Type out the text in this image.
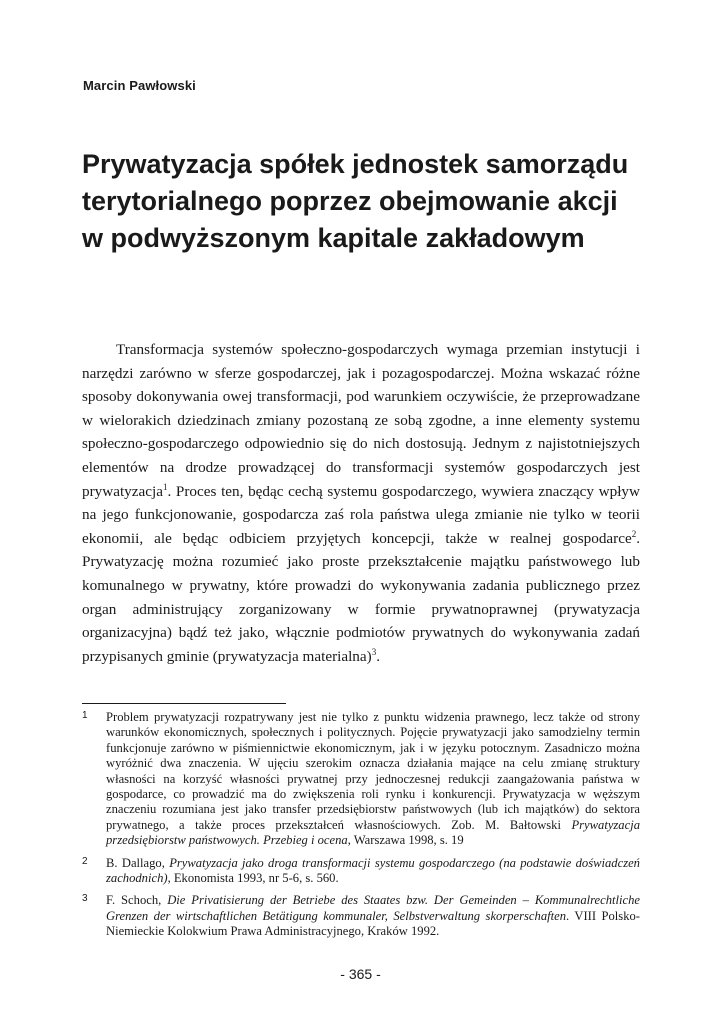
Marcin Pawłowski
Prywatyzacja spółek jednostek samorządu terytorialnego poprzez obejmowanie akcji w podwyższonym kapitale zakładowym

Transformacja systemów społeczno-gospodarczych wymaga przemian instytucji i narzędzi zarówno w sferze gospodarczej, jak i pozagospodarczej. Można wskazać różne sposoby dokonywania owej transformacji, pod warunkiem oczywiście, że przeprowadzane w wielorakich dziedzinach zmiany pozostaną ze sobą zgodne, a inne elementy systemu społeczno-gospodarczego odpowiednio się do nich dostosują. Jednym z najistotniejszych elementów na drodze prowadzącej do transformacji systemów gospodarczych jest prywatyzacja$^1$. Proces ten, będąc cechą systemu gospodarczego, wywiera znaczący wpływ na jego funkcjonowanie, gospodarcza zaś rola państwa ulega zmianie nie tylko w teorii ekonomii, ale będąc odbiciem przyjętych koncepcji, także w realnej gospodarce$^2$. Prywatyzację można rozumieć jako proste przekształcenie majątku państwowego lub komunalnego w prywatny, które prowadzi do wykonywania zadania publicznego przez organ administrujący zorganizowany w formie prywatnoprawnej (prywatyzacja organizacyjna) bądź też jako, włącznie podmiotów prywatnych do wykonywania zadań przypisanych gminie (prywatyzacja materialna)$^3$.

1	Problem prywatyzacji rozpatrywany jest nie tylko z punktu widzenia prawnego, lecz także od strony warunków ekonomicznych, społecznych i politycznych. Pojęcie prywatyzacji jako samodzielny termin funkcjonuje zarówno w piśmiennictwie ekonomicznym, jak i w języku potocznym. Zasadniczo można wyróżnić dwa znaczenia. W ujęciu szerokim oznacza działania mające na celu zmianę struktury własności na korzyść własności prywatnej przy jednoczesnej redukcji zaangażowania państwa w gospodarce, co prowadzić ma do zwiększenia roli rynku i konkurencji. Prywatyzacja w węższym znaczeniu rozumiana jest jako transfer przedsiębiorstw państwowych (lub ich majątków) do sektora prywatnego, a także proces przekształceń własnościowych. Zob. M. Bałtowski Prywatyzacja przedsiębiorstw państwowych. Przebieg i ocena, Warszawa 1998, s. 19
2	B. Dallago, Prywatyzacja jako droga transformacji systemu gospodarczego (na podstawie doświadczeń zachodnich), Ekonomista 1993, nr 5-6, s. 560.
3	F. Schoch, Die Privatisierung der Betriebe des Staates bzw. Der Gemeinden – Kommunalrechtliche Grenzen der wirtschaftlichen Betätigung kommunaler, Selbstverwaltung skorperschaften. VIII Polsko-Niemieckie Kolokwium Prawa Administracyjnego, Kraków 1992.
- 365 -
